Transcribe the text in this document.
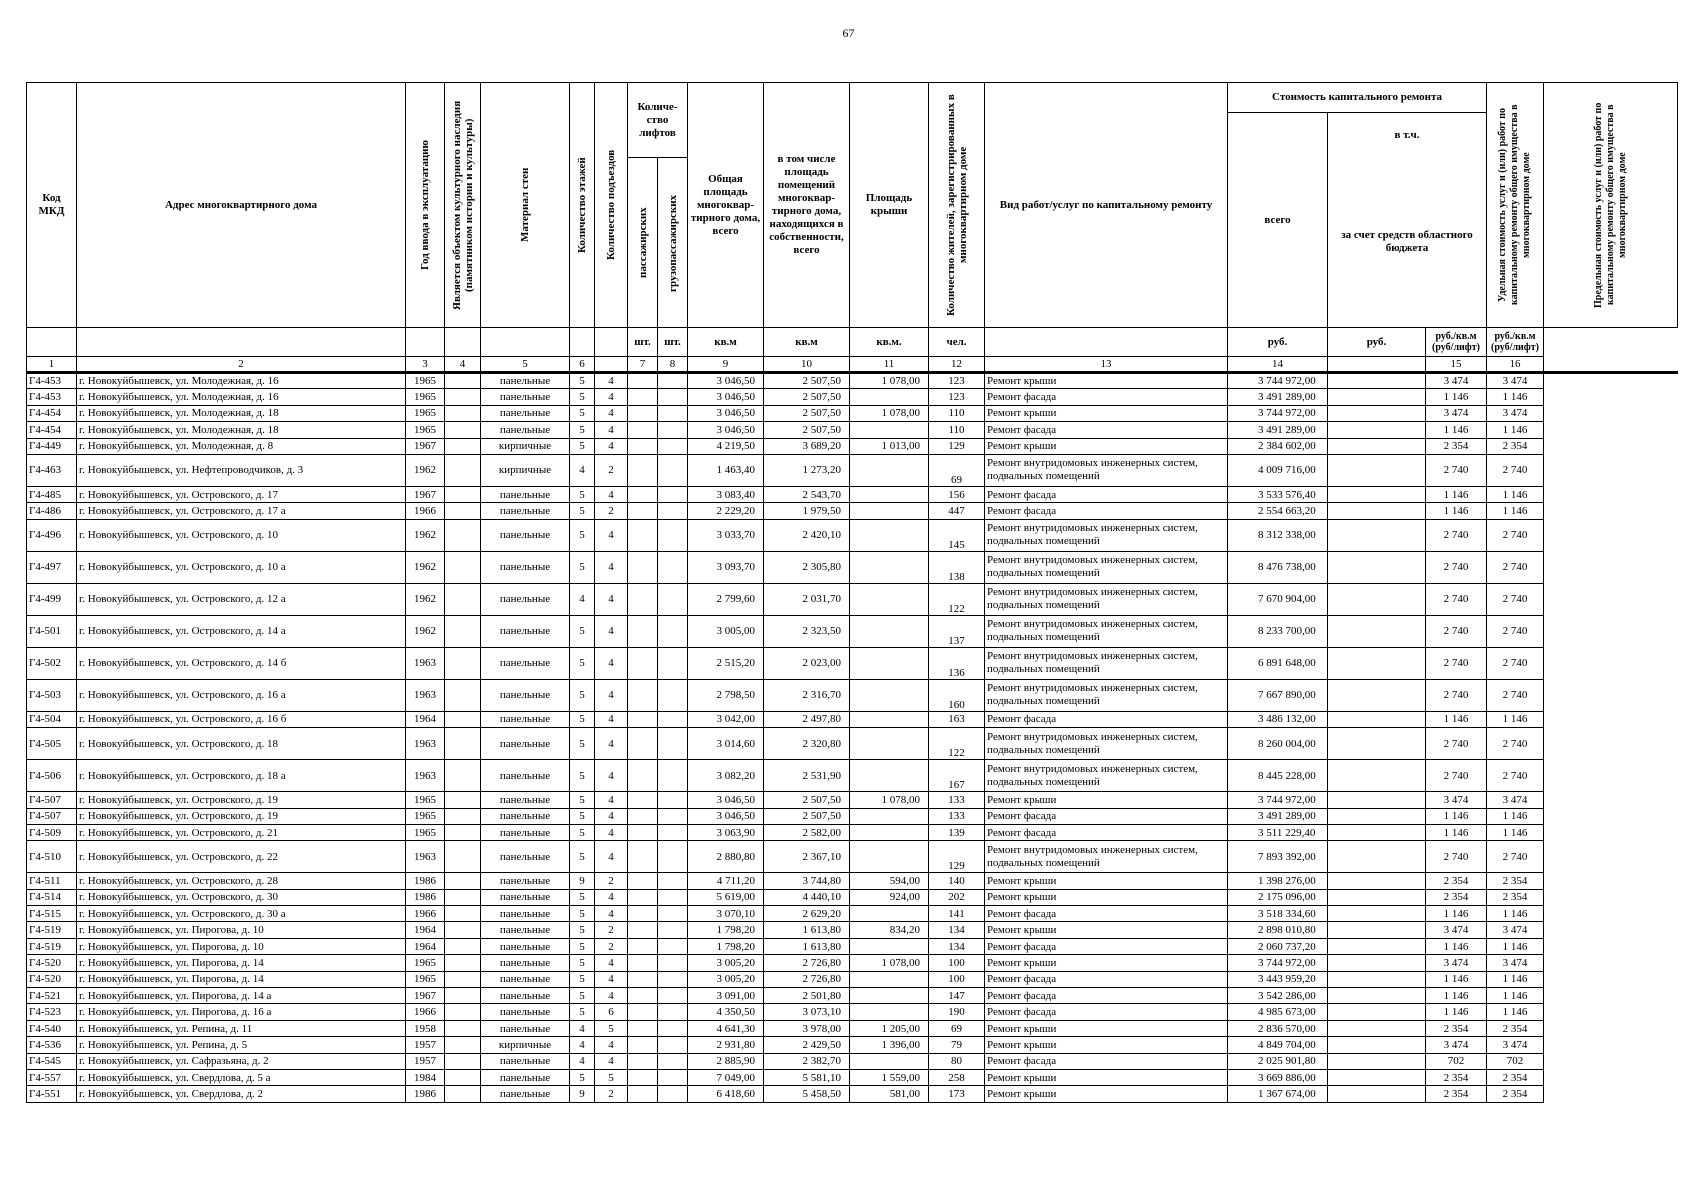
67
Код МКД	Адрес многоквартирного дома	Год ввода в эксплуатацию	Является объектом культурного наследия (памятником истории и культуры)	Материал стен	Количество этажей	Количество подъездов	Количе-ство лифтов		Общая площадь многоквар-тирного дома, всего	в том числе площадь помещений многоквар-тирного дома, находящихся в собственности, всего	Площадь крыши	Количество жителей, зарегистрированных в многоквартирном доме	Вид работ/услуг по капитальному ремонту	Стоимость капитального ремонта			Удельная стоимость услуг и (или) работ по капитальному ремонту общего имущества в многоквартирном доме	Предельная стоимость услуг и (или) работ по капитальному ремонту общего имущества в многоквартирном доме

														всего	в т.ч.			

							пассажирских	грузопассажирских							за счет средств областного бюджета			
							шт.	шт.	кв.м	кв.м	кв.м.	чел.		руб.	руб.	руб./кв.м (руб/лифт)	руб./кв.м (руб/лифт)	
1	2	3	4	5	6		7	8	9	10	11	12	13	14		15	16	
Г4-453	г. Новокуйбышевск, ул. Молодежная, д. 16	1965		панельные	5	4			3 046,50	2 507,50	1 078,00	123	Ремонт крыши	3 744 972,00		3 474	3 474	
Г4-453	г. Новокуйбышевск, ул. Молодежная, д. 16	1965		панельные	5	4			3 046,50	2 507,50		123	Ремонт фасада	3 491 289,00		1 146	1 146	
Г4-454	г. Новокуйбышевск, ул. Молодежная, д. 18	1965		панельные	5	4			3 046,50	2 507,50	1 078,00	110	Ремонт крыши	3 744 972,00		3 474	3 474	
Г4-454	г. Новокуйбышевск, ул. Молодежная, д. 18	1965		панельные	5	4			3 046,50	2 507,50		110	Ремонт фасада	3 491 289,00		1 146	1 146	
Г4-449	г. Новокуйбышевск, ул. Молодежная, д. 8	1967		кирпичные	5	4			4 219,50	3 689,20	1 013,00	129	Ремонт крыши	2 384 602,00		2 354	2 354	
Г4-463	г. Новокуйбышевск, ул. Нефтепроводчиков, д. 3	1962		кирпичные	4	2			1 463,40	1 273,20		69	Ремонт внутридомовых инженерных систем, подвальных помещений	4 009 716,00		2 740	2 740	
Г4-485	г. Новокуйбышевск, ул. Островского, д. 17	1967		панельные	5	4			3 083,40	2 543,70		156	Ремонт фасада	3 533 576,40		1 146	1 146	
Г4-486	г. Новокуйбышевск, ул. Островского, д. 17 а	1966		панельные	5	2			2 229,20	1 979,50		447	Ремонт фасада	2 554 663,20		1 146	1 146	
Г4-496	г. Новокуйбышевск, ул. Островского, д. 10	1962		панельные	5	4			3 033,70	2 420,10		145	Ремонт внутридомовых инженерных систем, подвальных помещений	8 312 338,00		2 740	2 740	
Г4-497	г. Новокуйбышевск, ул. Островского, д. 10 а	1962		панельные	5	4			3 093,70	2 305,80		138	Ремонт внутридомовых инженерных систем, подвальных помещений	8 476 738,00		2 740	2 740	
Г4-499	г. Новокуйбышевск, ул. Островского, д. 12 а	1962		панельные	4	4			2 799,60	2 031,70		122	Ремонт внутридомовых инженерных систем, подвальных помещений	7 670 904,00		2 740	2 740	
Г4-501	г. Новокуйбышевск, ул. Островского, д. 14 а	1962		панельные	5	4			3 005,00	2 323,50		137	Ремонт внутридомовых инженерных систем, подвальных помещений	8 233 700,00		2 740	2 740	
Г4-502	г. Новокуйбышевск, ул. Островского, д. 14 б	1963		панельные	5	4			2 515,20	2 023,00		136	Ремонт внутридомовых инженерных систем, подвальных помещений	6 891 648,00		2 740	2 740	
Г4-503	г. Новокуйбышевск, ул. Островского, д. 16 а	1963		панельные	5	4			2 798,50	2 316,70		160	Ремонт внутридомовых инженерных систем, подвальных помещений	7 667 890,00		2 740	2 740	
Г4-504	г. Новокуйбышевск, ул. Островского, д. 16 б	1964		панельные	5	4			3 042,00	2 497,80		163	Ремонт фасада	3 486 132,00		1 146	1 146	
Г4-505	г. Новокуйбышевск, ул. Островского, д. 18	1963		панельные	5	4			3 014,60	2 320,80		122	Ремонт внутридомовых инженерных систем, подвальных помещений	8 260 004,00		2 740	2 740	
Г4-506	г. Новокуйбышевск, ул. Островского, д. 18 а	1963		панельные	5	4			3 082,20	2 531,90		167	Ремонт внутридомовых инженерных систем, подвальных помещений	8 445 228,00		2 740	2 740	
Г4-507	г. Новокуйбышевск, ул. Островского, д. 19	1965		панельные	5	4			3 046,50	2 507,50	1 078,00	133	Ремонт крыши	3 744 972,00		3 474	3 474	
Г4-507	г. Новокуйбышевск, ул. Островского, д. 19	1965		панельные	5	4			3 046,50	2 507,50		133	Ремонт фасада	3 491 289,00		1 146	1 146	
Г4-509	г. Новокуйбышевск, ул. Островского, д. 21	1965		панельные	5	4			3 063,90	2 582,00		139	Ремонт фасада	3 511 229,40		1 146	1 146	
Г4-510	г. Новокуйбышевск, ул. Островского, д. 22	1963		панельные	5	4			2 880,80	2 367,10		129	Ремонт внутридомовых инженерных систем, подвальных помещений	7 893 392,00		2 740	2 740	
Г4-511	г. Новокуйбышевск, ул. Островского, д. 28	1986		панельные	9	2			4 711,20	3 744,80	594,00	140	Ремонт крыши	1 398 276,00		2 354	2 354	
Г4-514	г. Новокуйбышевск, ул. Островского, д. 30	1986		панельные	5	4			5 619,00	4 440,10	924,00	202	Ремонт крыши	2 175 096,00		2 354	2 354	
Г4-515	г. Новокуйбышевск, ул. Островского, д. 30 а	1966		панельные	5	4			3 070,10	2 629,20		141	Ремонт фасада	3 518 334,60		1 146	1 146	
Г4-519	г. Новокуйбышевск, ул. Пирогова, д. 10	1964		панельные	5	2			1 798,20	1 613,80	834,20	134	Ремонт крыши	2 898 010,80		3 474	3 474	
Г4-519	г. Новокуйбышевск, ул. Пирогова, д. 10	1964		панельные	5	2			1 798,20	1 613,80		134	Ремонт фасада	2 060 737,20		1 146	1 146	
Г4-520	г. Новокуйбышевск, ул. Пирогова, д. 14	1965		панельные	5	4			3 005,20	2 726,80	1 078,00	100	Ремонт крыши	3 744 972,00		3 474	3 474	
Г4-520	г. Новокуйбышевск, ул. Пирогова, д. 14	1965		панельные	5	4			3 005,20	2 726,80		100	Ремонт фасада	3 443 959,20		1 146	1 146	
Г4-521	г. Новокуйбышевск, ул. Пирогова, д. 14 а	1967		панельные	5	4			3 091,00	2 501,80		147	Ремонт фасада	3 542 286,00		1 146	1 146	
Г4-523	г. Новокуйбышевск, ул. Пирогова, д. 16 а	1966		панельные	5	6			4 350,50	3 073,10		190	Ремонт фасада	4 985 673,00		1 146	1 146	
Г4-540	г. Новокуйбышевск, ул. Репина, д. 11	1958		панельные	4	5			4 641,30	3 978,00	1 205,00	69	Ремонт крыши	2 836 570,00		2 354	2 354	
Г4-536	г. Новокуйбышевск, ул. Репина, д. 5	1957		кирпичные	4	4			2 931,80	2 429,50	1 396,00	79	Ремонт крыши	4 849 704,00		3 474	3 474	
Г4-545	г. Новокуйбышевск, ул. Сафразьяна, д. 2	1957		панельные	4	4			2 885,90	2 382,70		80	Ремонт фасада	2 025 901,80		702	702	
Г4-557	г. Новокуйбышевск, ул. Свердлова, д. 5 а	1984		панельные	5	5			7 049,00	5 581,10	1 559,00	258	Ремонт крыши	3 669 886,00		2 354	2 354	
Г4-551	г. Новокуйбышевск, ул. Свердлова, д. 2	1986		панельные	9	2			6 418,60	5 458,50	581,00	173	Ремонт крыши	1 367 674,00		2 354	2 354	
